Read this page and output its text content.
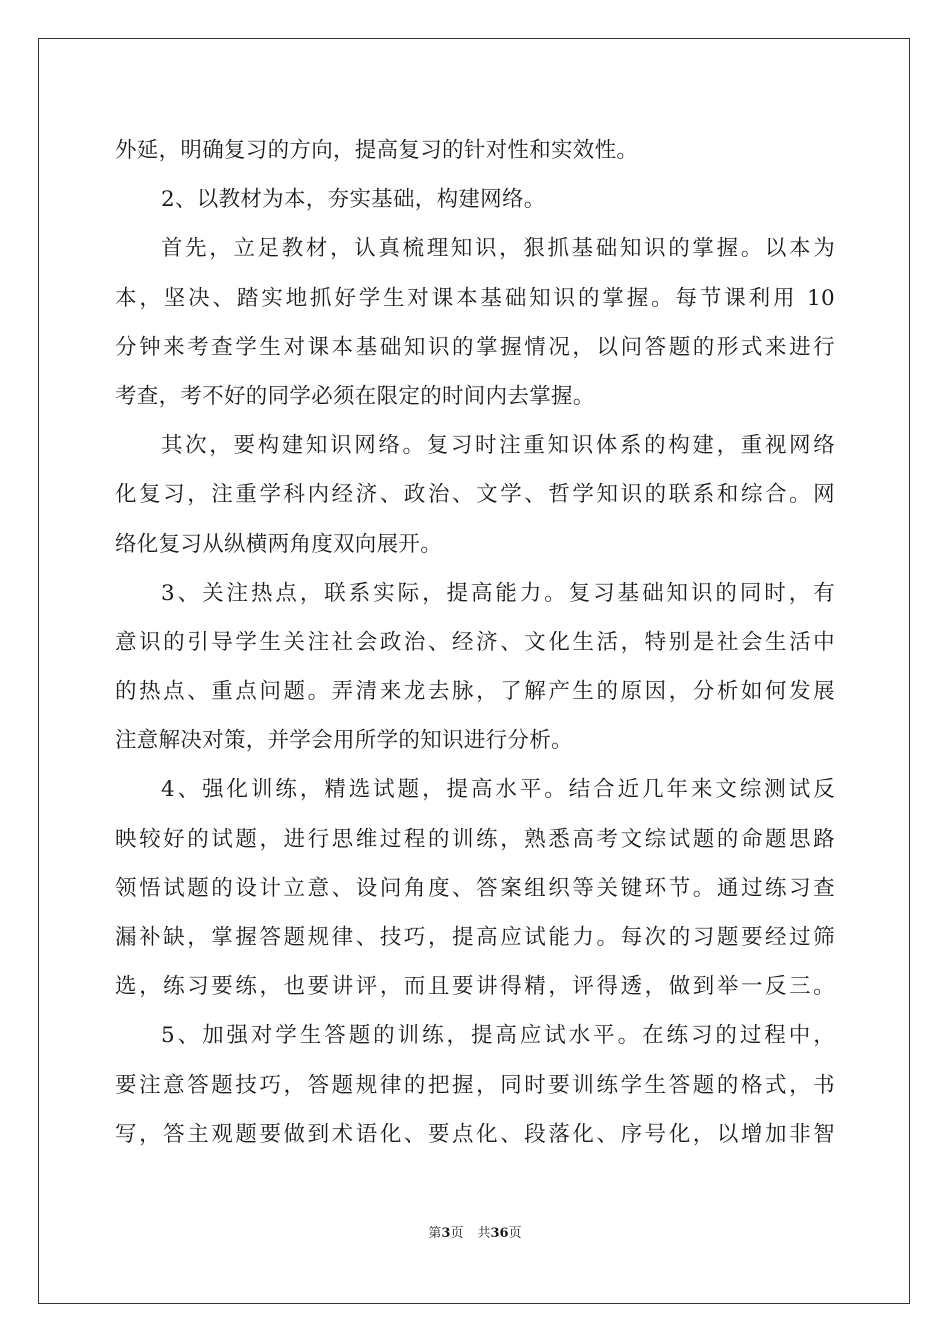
外延，明确复习的方向，提高复习的针对性和实效性。
2、以教材为本，夯实基础，构建网络。
首先，立足教材，认真梳理知识，狠抓基础知识的掌握。以本为
本，坚决、踏实地抓好学生对课本基础知识的掌握。每节课利用 10
分钟来考查学生对课本基础知识的掌握情况，以问答题的形式来进行
考查，考不好的同学必须在限定的时间内去掌握。
其次，要构建知识网络。复习时注重知识体系的构建，重视网络
化复习，注重学科内经济、政治、文学、哲学知识的联系和综合。网
络化复习从纵横两角度双向展开。
3、关注热点，联系实际，提高能力。复习基础知识的同时，有
意识的引导学生关注社会政治、经济、文化生活，特别是社会生活中
的热点、重点问题。弄清来龙去脉，了解产生的原因，分析如何发展
注意解决对策，并学会用所学的知识进行分析。
4、强化训练，精选试题，提高水平。结合近几年来文综测试反
映较好的试题，进行思维过程的训练，熟悉高考文综试题的命题思路
领悟试题的设计立意、设问角度、答案组织等关键环节。通过练习查
漏补缺，掌握答题规律、技巧，提高应试能力。每次的习题要经过筛
选，练习要练，也要讲评，而且要讲得精，评得透，做到举一反三。
5、加强对学生答题的训练，提高应试水平。在练习的过程中，
要注意答题技巧，答题规律的把握，同时要训练学生答题的格式，书
写，答主观题要做到术语化、要点化、段落化、序号化，以增加非智
第3页 共36页
